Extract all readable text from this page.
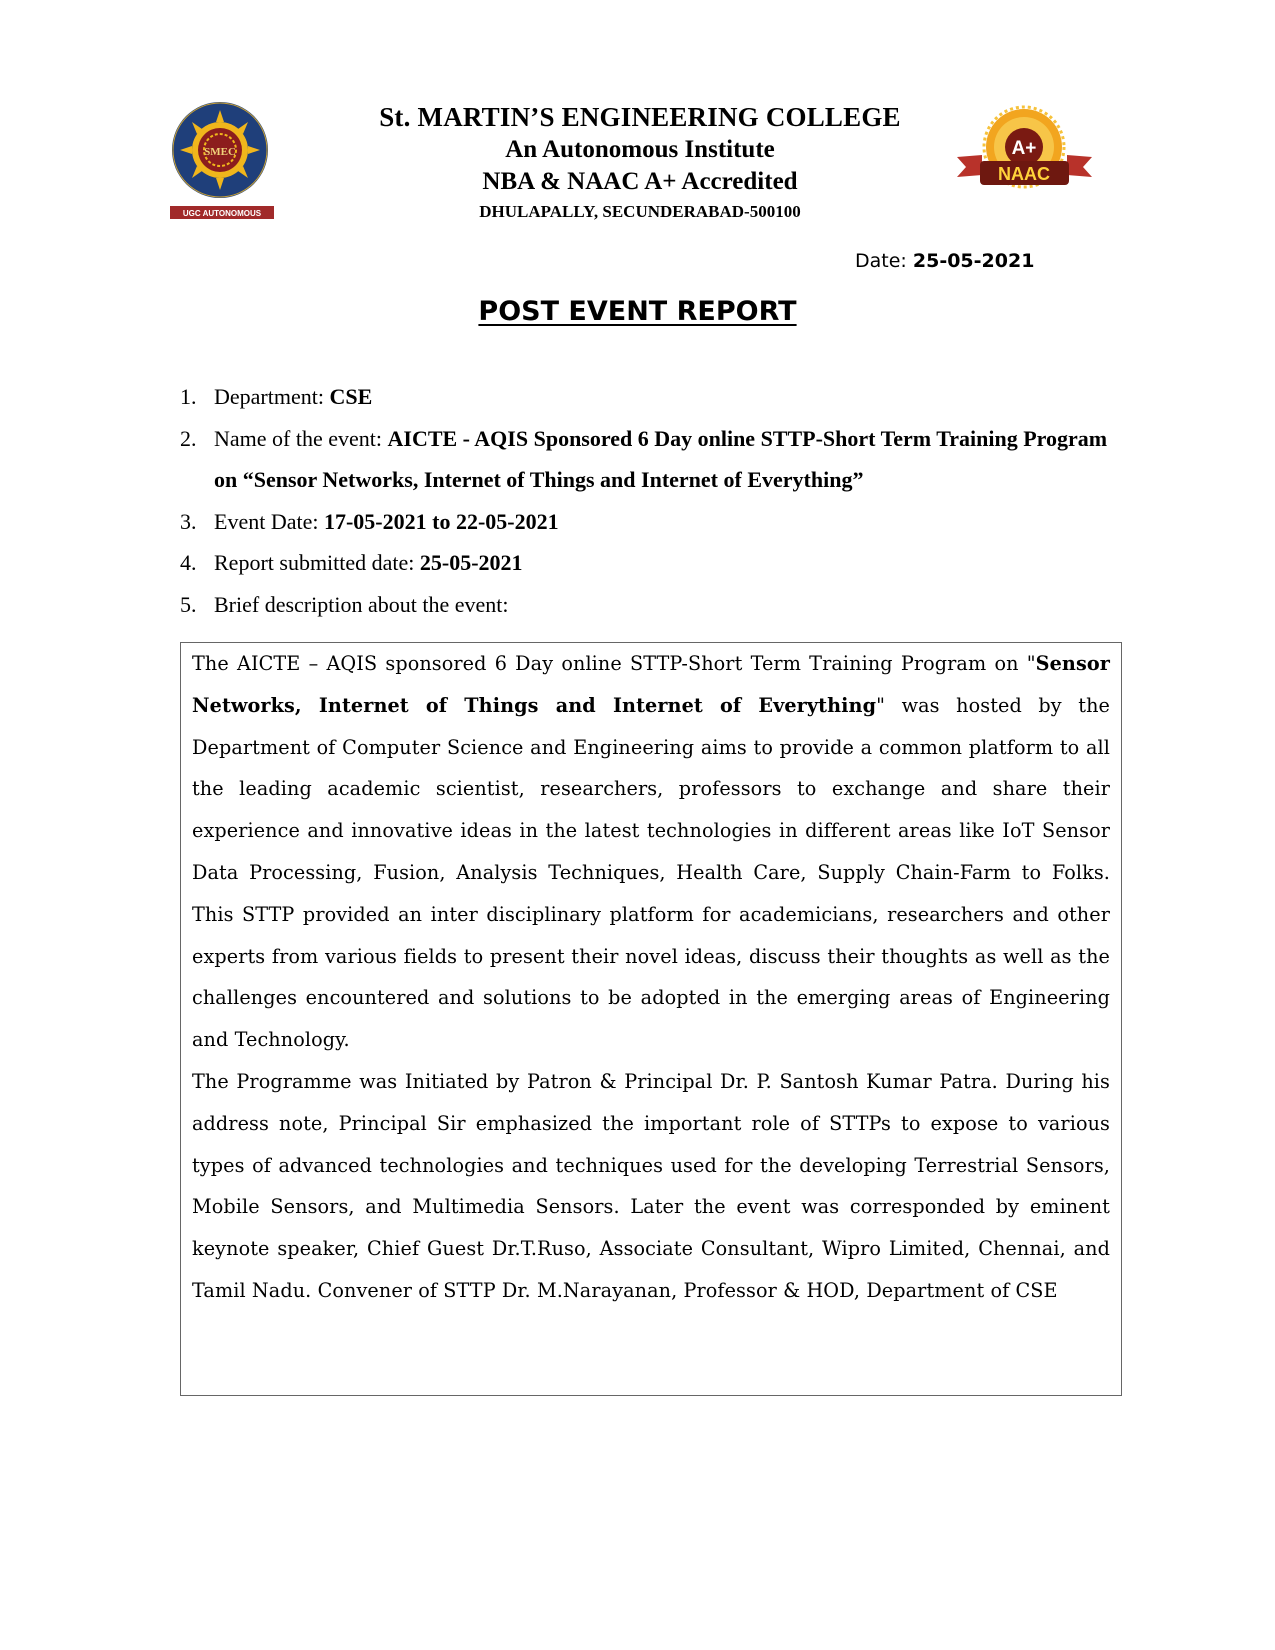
SMEC
UGC AUTONOMOUS
St. MARTIN’S ENGINEERING COLLEGE
An Autonomous Institute
NBA & NAAC A+ Accredited
DHULAPALLY, SECUNDERABAD-500100
A+
NAAC
Date: 25-05-2021
POST EVENT REPORT
1. Department: CSE
2. Name of the event: AICTE - AQIS Sponsored 6 Day online STTP-Short Term Training Program on “Sensor Networks, Internet of Things and Internet of Everything”
3. Event Date: 17-05-2021 to 22-05-2021
4. Report submitted date: 25-05-2021
5. Brief description about the event:

The AICTE – AQIS sponsored 6 Day online STTP-Short Term Training Program on "Sensor Networks, Internet of Things and Internet of Everything" was hosted by the Department of Computer Science and Engineering aims to provide a common platform to all the leading academic scientist, researchers, professors to exchange and share their experience and innovative ideas in the latest technologies in different areas like IoT Sensor Data Processing, Fusion, Analysis Techniques, Health Care, Supply Chain-Farm to Folks. This STTP provided an inter disciplinary platform for academicians, researchers and other experts from various fields to present their novel ideas, discuss their thoughts as well as the challenges encountered and solutions to be adopted in the emerging areas of Engineering and Technology.

The Programme was Initiated by Patron & Principal Dr. P. Santosh Kumar Patra. During his address note, Principal Sir emphasized the important role of STTPs to expose to various types of advanced technologies and techniques used for the developing Terrestrial Sensors, Mobile Sensors, and Multimedia Sensors. Later the event was corresponded by eminent keynote speaker, Chief Guest Dr.T.Ruso, Associate Consultant, Wipro Limited, Chennai, and Tamil Nadu. Convener of STTP Dr. M.Narayanan, Professor & HOD, Department of CSE
